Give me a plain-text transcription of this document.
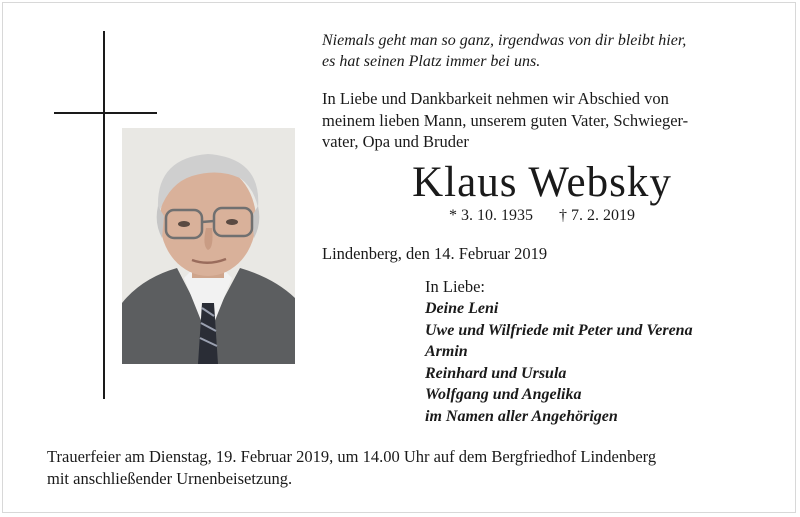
Niemals geht man so ganz, irgendwas von dir bleibt hier,
es hat seinen Platz immer bei uns.
In Liebe und Dankbarkeit nehmen wir Abschied von
meinem lieben Mann, unserem guten Vater, Schwieger-
vater, Opa und Bruder
Klaus Websky
* 3. 10. 1935 † 7. 2. 2019
Lindenberg, den 14. Februar 2019
In Liebe:
Deine Leni
Uwe und Wilfriede mit Peter und Verena
Armin
Reinhard und Ursula
Wolfgang und Angelika
im Namen aller Angehörigen
Trauerfeier am Dienstag, 19. Februar 2019, um 14.00 Uhr auf dem Bergfriedhof Lindenberg
mit anschließender Urnenbeisetzung.
